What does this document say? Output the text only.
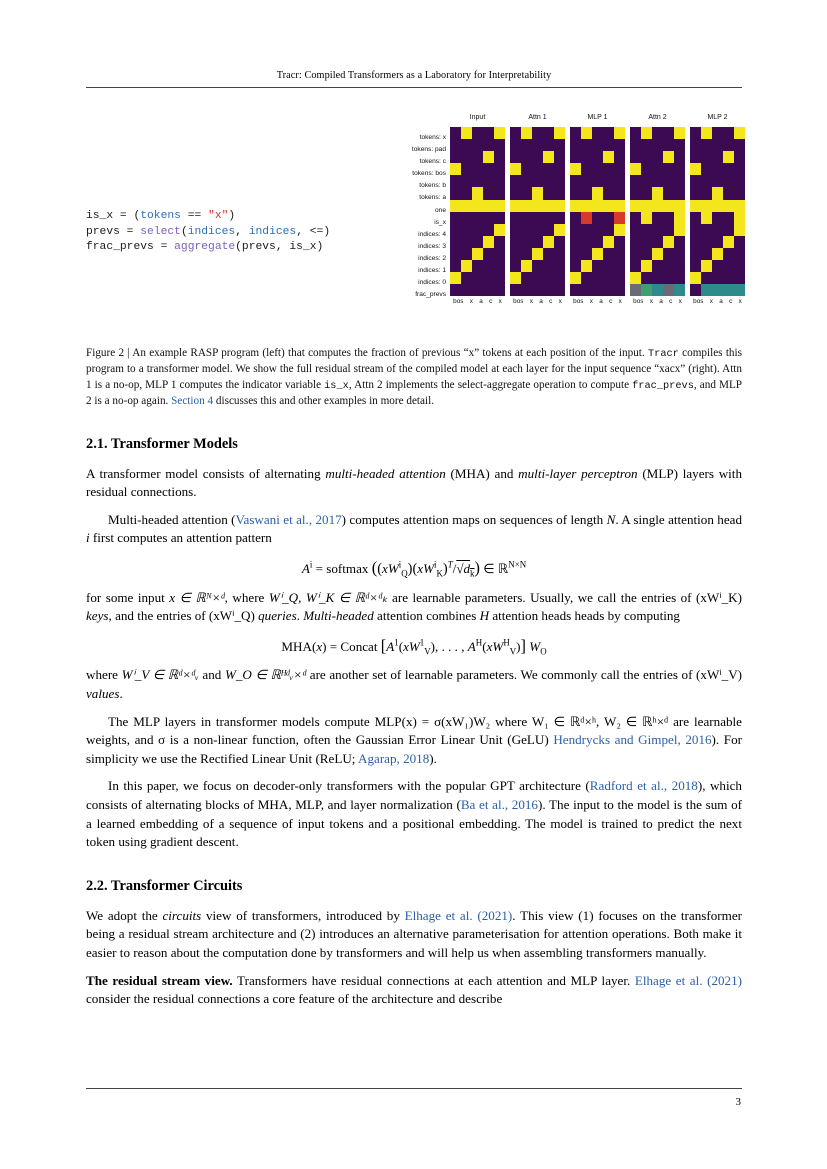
Tracr: Compiled Transformers as a Laboratory for Interpretability
is_x = (tokens == "x")
prevs = select(indices, indices, <=)
frac_prevs = aggregate(prevs, is_x)
tokens: x
tokens: pad
tokens: c
tokens: bos
tokens: b
tokens: a
one
is_x
indices: 4
indices: 3
indices: 2
indices: 1
indices: 0
frac_prevs
Input
bos x a c x
Attn 1
bos x a c x
MLP 1
bos x a c x
Attn 2
bos x a c x
MLP 2
bos x a c x
Figure 2 | An example RASP program (left) that computes the fraction of previous “x” tokens at each position of the input. Tracr compiles this program to a transformer model. We show the full residual stream of the compiled model at each layer for the input sequence “xacx” (right). Attn 1 is a no-op, MLP 1 computes the indicator variable is_x, Attn 2 implements the select-aggregate operation to compute frac_prevs, and MLP 2 is a no-op again. Section 4 discusses this and other examples in more detail.
2.1. Transformer Models

A transformer model consists of alternating multi-headed attention (MHA) and multi-layer perceptron (MLP) layers with residual connections.

Multi-headed attention (Vaswani et al., 2017) computes attention maps on sequences of length N. A single attention head i first computes an attention pattern

$A^i$ = softmax $((xW^i_Q)(xW^i_K)^T/√d_k)$ ∈ ℝ$^{N\times N}$

for some input x ∈ ℝᴺ×ᵈ, where Wⁱ_Q, Wⁱ_K ∈ ℝᵈ×ᵈₖ are learnable parameters. Usually, we call the entries of (xWⁱ_K) keys, and the entries of (xWⁱ_Q) queries. Multi-headed attention combines H attention heads heads by computing

MHA(x) = Concat [$A^1(xW^1_V)$, . . . , $A^H(xW^H_V)$] $W_O$

where Wⁱ_V ∈ ℝᵈ×ᵈᵥ and W_O ∈ ℝᴴᵈᵥ×ᵈ are another set of learnable parameters. We commonly call the entries of (xWⁱ_V) values.

The MLP layers in transformer models compute MLP(x) = σ(xW₁)W₂ where W₁ ∈ ℝᵈ×ʰ, W₂ ∈ ℝʰ×ᵈ are learnable weights, and σ is a non-linear function, often the Gaussian Error Linear Unit (GeLU) Hendrycks and Gimpel, 2016). For simplicity we use the Rectified Linear Unit (ReLU; Agarap, 2018).

In this paper, we focus on decoder-only transformers with the popular GPT architecture (Radford et al., 2018), which consists of alternating blocks of MHA, MLP, and layer normalization (Ba et al., 2016). The input to the model is the sum of a learned embedding of a sequence of input tokens and a positional embedding. The model is trained to predict the next token using gradient descent.

2.2. Transformer Circuits

We adopt the circuits view of transformers, introduced by Elhage et al. (2021). This view (1) focuses on the transformer being a residual stream architecture and (2) introduces an alternative parameterisation for attention operations. Both make it easier to reason about the computation done by transformers and will help us when assembling transformers manually.

The residual stream view. Transformers have residual connections at each attention and MLP layer. Elhage et al. (2021) consider the residual connections a core feature of the architecture and describe

3
